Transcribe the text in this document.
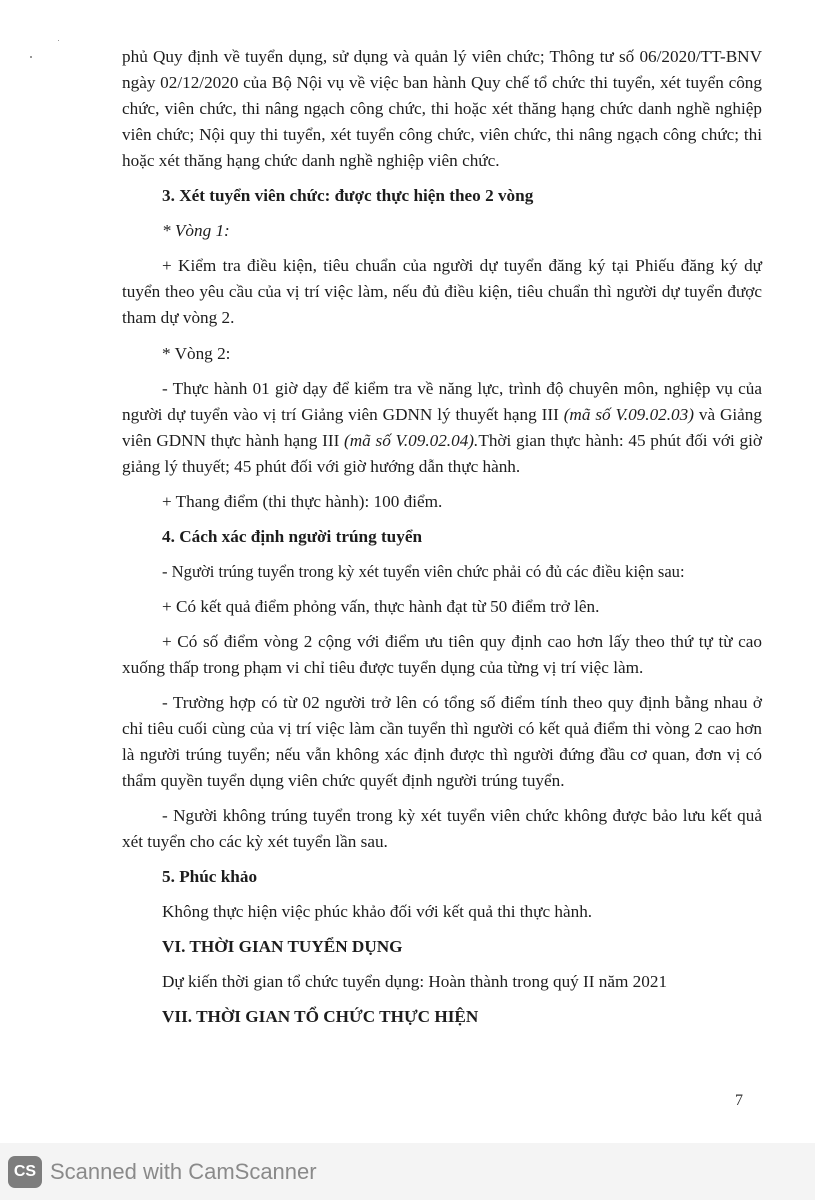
phủ Quy định về tuyển dụng, sử dụng và quản lý viên chức; Thông tư số 06/2020/TT-BNV ngày 02/12/2020 của Bộ Nội vụ về việc ban hành Quy chế tổ chức thi tuyển, xét tuyển công chức, viên chức, thi nâng ngạch công chức, thi hoặc xét thăng hạng chức danh nghề nghiệp viên chức; Nội quy thi tuyển, xét tuyển công chức, viên chức, thi nâng ngạch công chức; thi hoặc xét thăng hạng chức danh nghề nghiệp viên chức.

3. Xét tuyển viên chức: được thực hiện theo 2 vòng

* Vòng 1:

+ Kiểm tra điều kiện, tiêu chuẩn của người dự tuyển đăng ký tại Phiếu đăng ký dự tuyển theo yêu cầu của vị trí việc làm, nếu đủ điều kiện, tiêu chuẩn thì người dự tuyển được tham dự vòng 2.

* Vòng 2:

- Thực hành 01 giờ dạy để kiểm tra về năng lực, trình độ chuyên môn, nghiệp vụ của người dự tuyển vào vị trí Giảng viên GDNN lý thuyết hạng III (mã số V.09.02.03) và Giảng viên GDNN thực hành hạng III (mã số V.09.02.04).Thời gian thực hành: 45 phút đối với giờ giảng lý thuyết; 45 phút đối với giờ hướng dẫn thực hành.

+ Thang điểm (thi thực hành): 100 điểm.

4. Cách xác định người trúng tuyển

- Người trúng tuyển trong kỳ xét tuyển viên chức phải có đủ các điều kiện sau:

+ Có kết quả điểm phỏng vấn, thực hành đạt từ 50 điểm trở lên.

+ Có số điểm vòng 2 cộng với điểm ưu tiên quy định cao hơn lấy theo thứ tự từ cao xuống thấp trong phạm vi chỉ tiêu được tuyển dụng của từng vị trí việc làm.

- Trường hợp có từ 02 người trở lên có tổng số điểm tính theo quy định bằng nhau ở chỉ tiêu cuối cùng của vị trí việc làm cần tuyển thì người có kết quả điểm thi vòng 2 cao hơn là người trúng tuyển; nếu vẫn không xác định được thì người đứng đầu cơ quan, đơn vị có thẩm quyền tuyển dụng viên chức quyết định người trúng tuyển.

- Người không trúng tuyển trong kỳ xét tuyển viên chức không được bảo lưu kết quả xét tuyển cho các kỳ xét tuyển lần sau.

5. Phúc khảo

Không thực hiện việc phúc khảo đối với kết quả thi thực hành.

VI. THỜI GIAN TUYỂN DỤNG

Dự kiến thời gian tổ chức tuyển dụng: Hoàn thành trong quý II năm 2021

VII. THỜI GIAN TỔ CHỨC THỰC HIỆN

7
CS Scanned with CamScanner
